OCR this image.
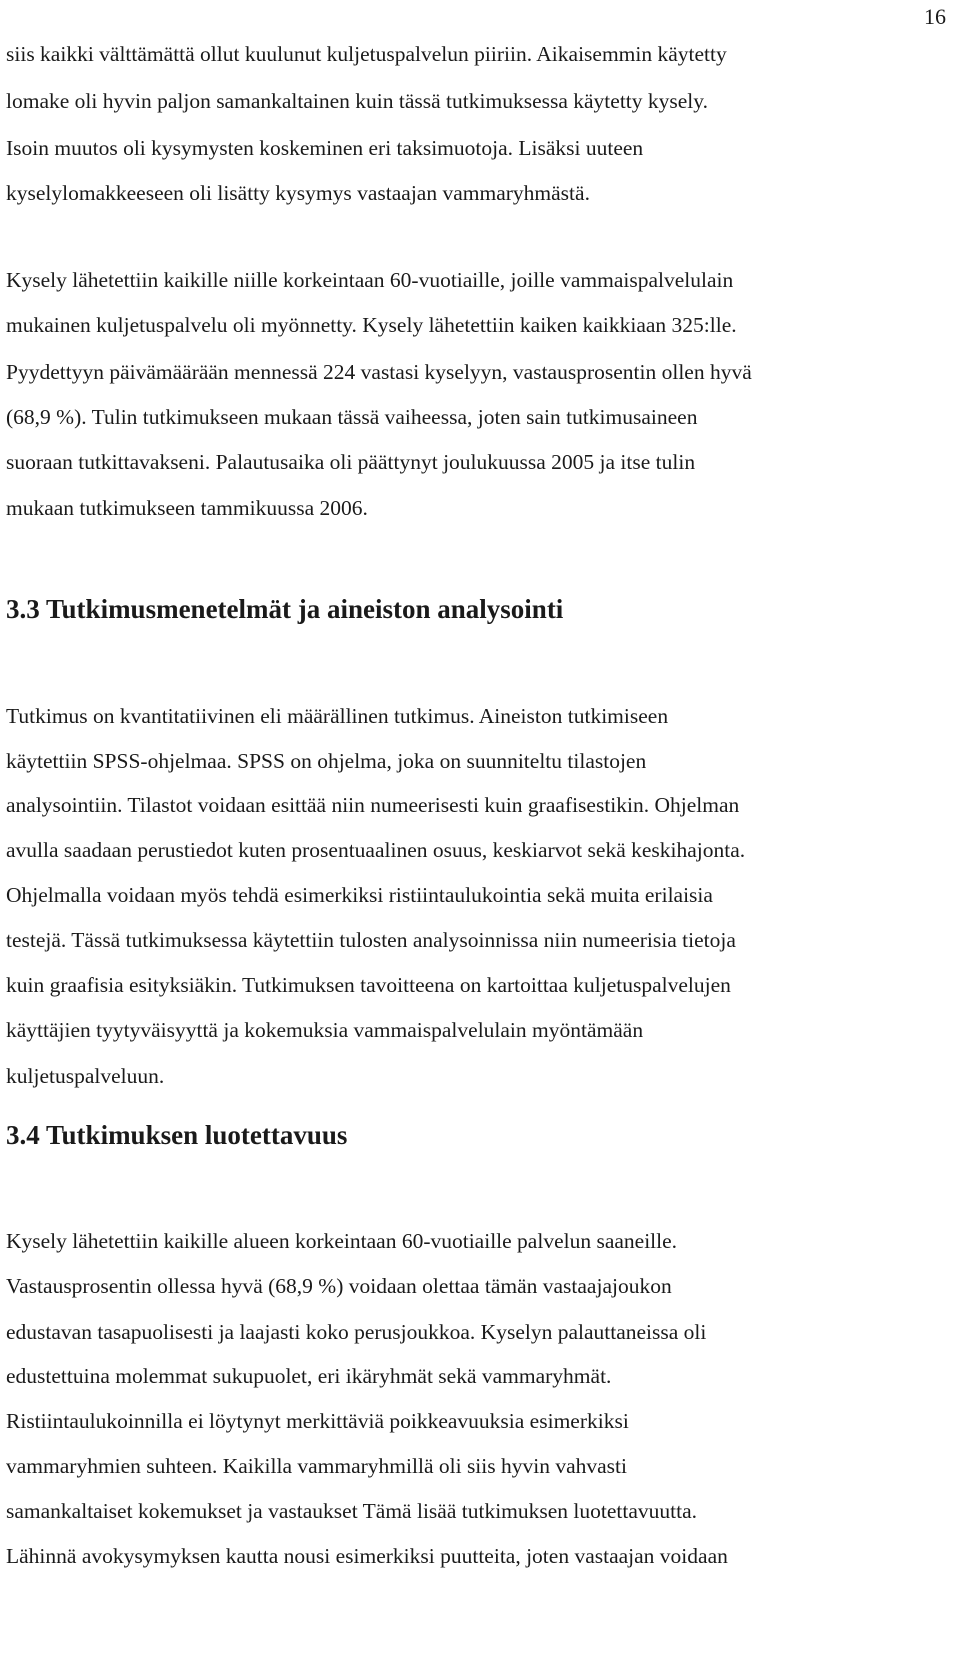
16
siis kaikki välttämättä ollut kuulunut kuljetuspalvelun piiriin. Aikaisemmin käytetty
lomake oli hyvin paljon samankaltainen kuin tässä tutkimuksessa käytetty kysely.
Isoin muutos oli kysymysten koskeminen eri taksimuotoja. Lisäksi uuteen
kyselylomakkeeseen oli lisätty kysymys vastaajan vammaryhmästä.
Kysely lähetettiin kaikille niille korkeintaan 60-vuotiaille, joille vammaispalvelulain
mukainen kuljetuspalvelu oli myönnetty. Kysely lähetettiin kaiken kaikkiaan 325:lle.
Pyydettyyn päivämäärään mennessä 224 vastasi kyselyyn, vastausprosentin ollen hyvä
(68,9 %). Tulin tutkimukseen mukaan tässä vaiheessa, joten sain tutkimusaineen
suoraan tutkittavakseni. Palautusaika oli päättynyt joulukuussa 2005 ja itse tulin
mukaan tutkimukseen tammikuussa 2006.
3.3 Tutkimusmenetelmät ja aineiston analysointi
Tutkimus on kvantitatiivinen eli määrällinen tutkimus. Aineiston tutkimiseen
käytettiin SPSS-ohjelmaa. SPSS on ohjelma, joka on suunniteltu tilastojen
analysointiin. Tilastot voidaan esittää niin numeerisesti kuin graafisestikin. Ohjelman
avulla saadaan perustiedot kuten prosentuaalinen osuus, keskiarvot sekä keskihajonta.
Ohjelmalla voidaan myös tehdä esimerkiksi ristiintaulukointia sekä muita erilaisia
testejä. Tässä tutkimuksessa käytettiin tulosten analysoinnissa niin numeerisia tietoja
kuin graafisia esityksiäkin. Tutkimuksen tavoitteena on kartoittaa kuljetuspalvelujen
käyttäjien tyytyväisyyttä ja kokemuksia vammaispalvelulain myöntämään
kuljetuspalveluun.
3.4 Tutkimuksen luotettavuus
Kysely lähetettiin kaikille alueen korkeintaan 60-vuotiaille palvelun saaneille.
Vastausprosentin ollessa hyvä (68,9 %) voidaan olettaa tämän vastaajajoukon
edustavan tasapuolisesti ja laajasti koko perusjoukkoa. Kyselyn palauttaneissa oli
edustettuina molemmat sukupuolet, eri ikäryhmät sekä vammaryhmät.
Ristiintaulukoinnilla ei löytynyt merkittäviä poikkeavuuksia esimerkiksi
vammaryhmien suhteen. Kaikilla vammaryhmillä oli siis hyvin vahvasti
samankaltaiset kokemukset ja vastaukset Tämä lisää tutkimuksen luotettavuutta.
Lähinnä avokysymyksen kautta nousi esimerkiksi puutteita, joten vastaajan voidaan
